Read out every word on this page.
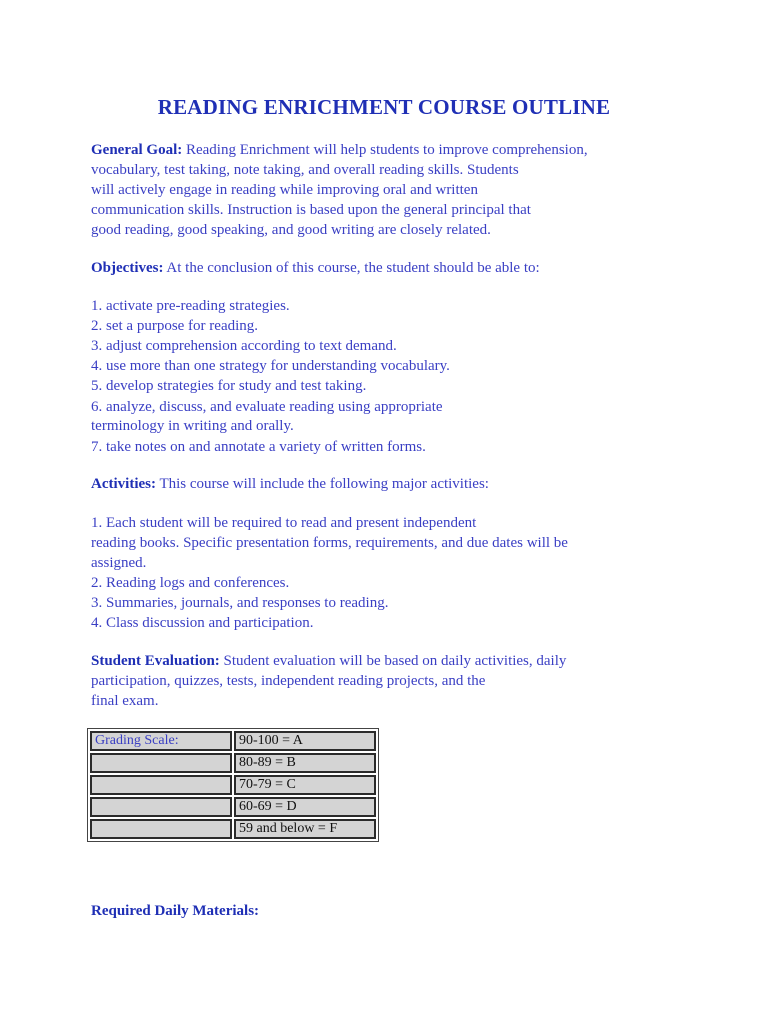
READING ENRICHMENT COURSE OUTLINE
General Goal: Reading Enrichment will help students to improve comprehension,
vocabulary, test taking, note taking, and overall reading skills. Students
will actively engage in reading while improving oral and written
communication skills. Instruction is based upon the general principal that
good reading, good speaking, and good writing are closely related.
Objectives: At the conclusion of this course, the student should be able to:
1. activate pre-reading strategies.
2. set a purpose for reading.
3. adjust comprehension according to text demand.
4. use more than one strategy for understanding vocabulary.
5. develop strategies for study and test taking.
6. analyze, discuss, and evaluate reading using appropriate
terminology in writing and orally.
7. take notes on and annotate a variety of written forms.
Activities: This course will include the following major activities:
1. Each student will be required to read and present independent
reading books. Specific presentation forms, requirements, and due dates will be
assigned.
2. Reading logs and conferences.
3. Summaries, journals, and responses to reading.
4. Class discussion and participation.
Student Evaluation: Student evaluation will be based on daily activities, daily
participation, quizzes, tests, independent reading projects, and the
final exam.
Grading Scale:	90-100 = A
	80-89 = B
	70-79 = C
	60-69 = D
	59 and below = F
Required Daily Materials:
